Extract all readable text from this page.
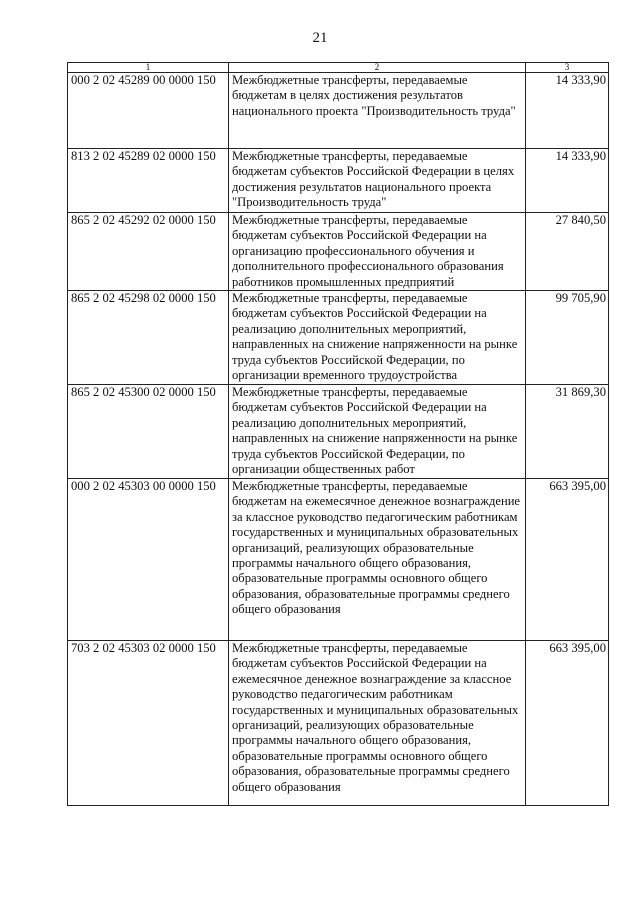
21
1	2	3
000 2 02 45289 00 0000 150	Межбюджетные трансферты, передаваемые бюджетам в целях достижения результатов национального проекта "Производительность труда"	14 333,90
813 2 02 45289 02 0000 150	Межбюджетные трансферты, передаваемые бюджетам субъектов Российской Федерации в целях достижения результатов национального проекта "Производительность труда"	14 333,90
865 2 02 45292 02 0000 150	Межбюджетные трансферты, передаваемые бюджетам субъектов Российской Федерации на организацию профессионального обучения и дополнительного профессионального образования работников промышленных предприятий	27 840,50
865 2 02 45298 02 0000 150	Межбюджетные трансферты, передаваемые бюджетам субъектов Российской Федерации на реализацию дополнительных мероприятий, направленных на снижение напряженности на рынке труда субъектов Российской Федерации, по организации временного трудоустройства	99 705,90
865 2 02 45300 02 0000 150	Межбюджетные трансферты, передаваемые бюджетам субъектов Российской Федерации на реализацию дополнительных мероприятий, направленных на снижение напряженности на рынке труда субъектов Российской Федерации, по организации общественных работ	31 869,30
000 2 02 45303 00 0000 150	Межбюджетные трансферты, передаваемые бюджетам на ежемесячное денежное вознаграждение за классное руководство педагогическим работникам государственных и муниципальных образовательных организаций, реализующих образовательные программы начального общего образования, образовательные программы основного общего образования, образовательные программы среднего общего образования	663 395,00
703 2 02 45303 02 0000 150	Межбюджетные трансферты, передаваемые бюджетам субъектов Российской Федерации на ежемесячное денежное вознаграждение за классное руководство педагогическим работникам государственных и муниципальных образовательных организаций, реализующих образовательные программы начального общего образования, образовательные программы основного общего образования, образовательные программы среднего общего образования	663 395,00
